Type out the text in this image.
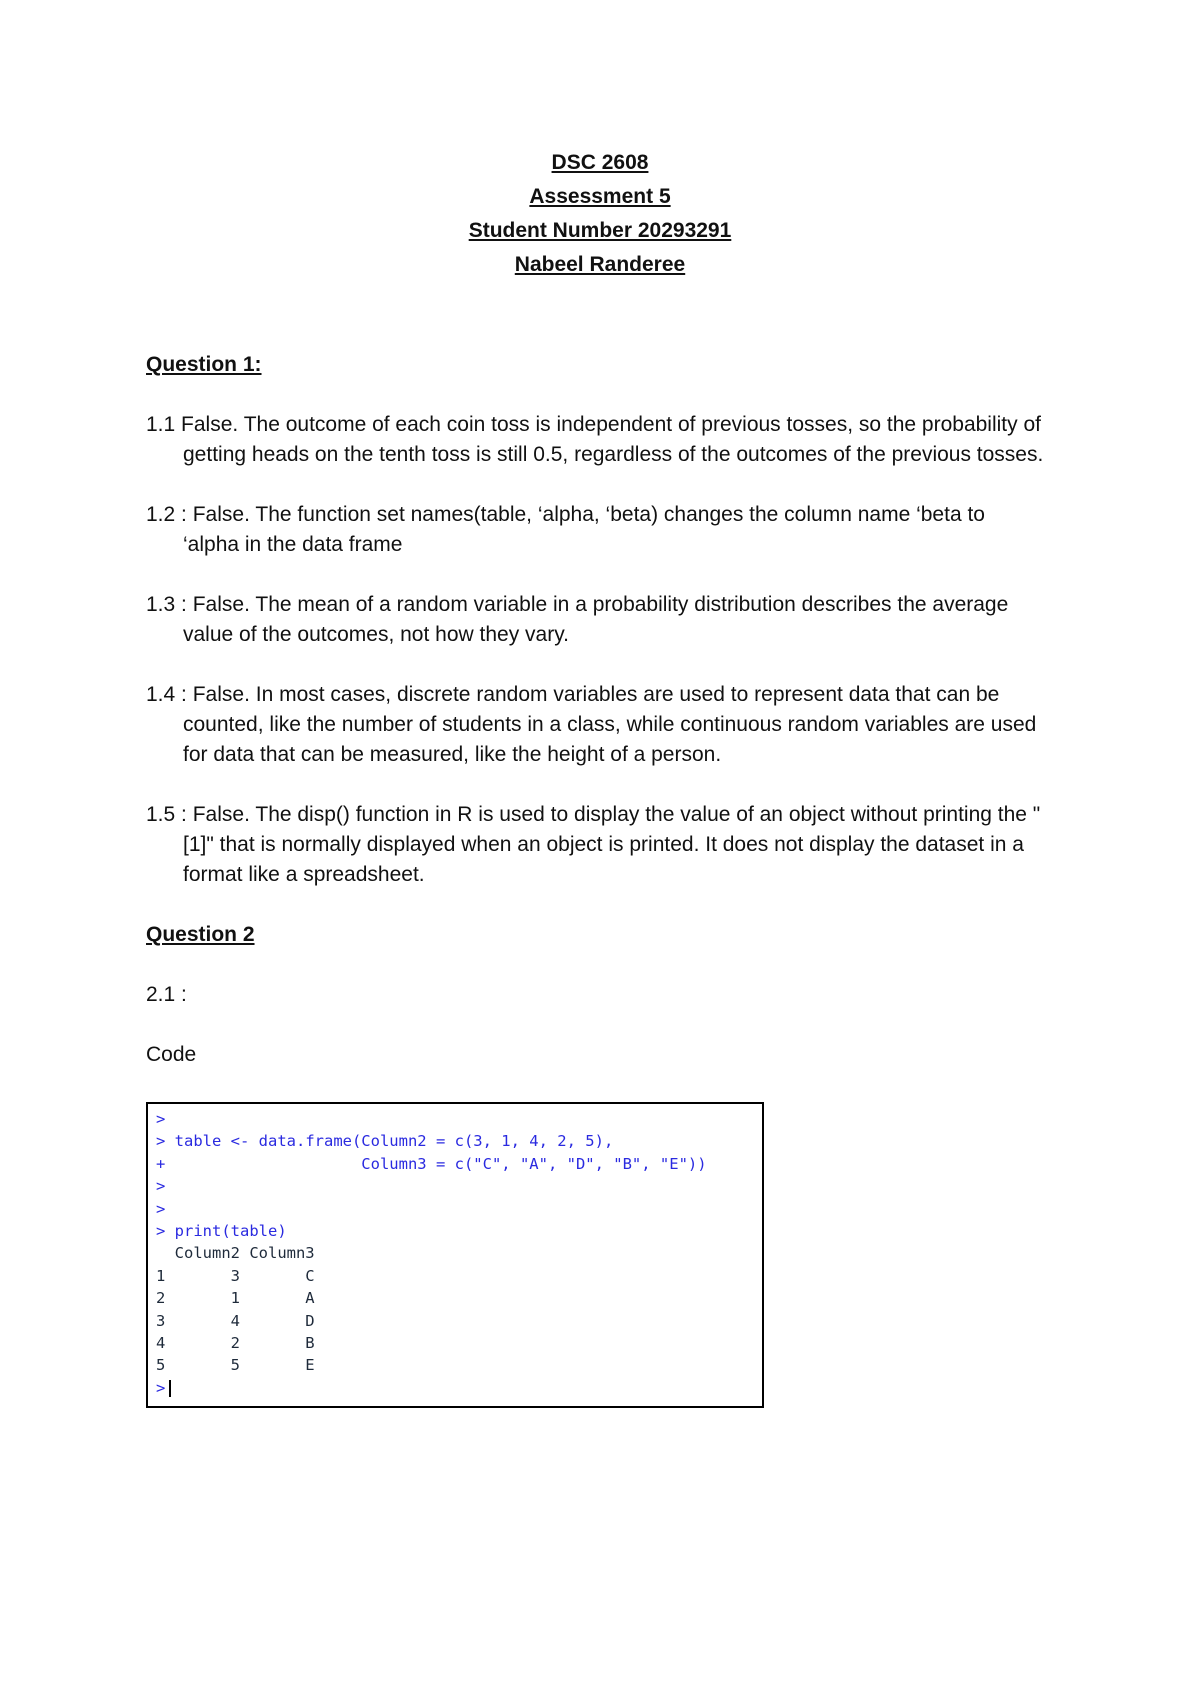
DSC 2608
Assessment 5
Student Number 20293291
Nabeel Randeree

Question 1:

1.1 False. The outcome of each coin toss is independent of previous tosses, so the probability of getting heads on the tenth toss is still 0.5, regardless of the outcomes of the previous tosses.

1.2 : False. The function set names(table, ‘alpha, ‘beta) changes the column name ‘beta to ‘alpha in the data frame

1.3 : False. The mean of a random variable in a probability distribution describes the average value of the outcomes, not how they vary.

1.4 : False. In most cases, discrete random variables are used to represent data that can be counted, like the number of students in a class, while continuous random variables are used for data that can be measured, like the height of a person.

1.5 : False. The disp() function in R is used to display the value of an object without printing the " [1]" that is normally displayed when an object is printed. It does not display the dataset in a format like a spreadsheet.

Question 2

2.1 :

Code

>
> table <- data.frame(Column2 = c(3, 1, 4, 2, 5),
+                     Column3 = c("C", "A", "D", "B", "E"))
>
>
> print(table)
Column2 Column3
1       3       C
2       1       A
3       4       D
4       2       B
5       5       E
>
